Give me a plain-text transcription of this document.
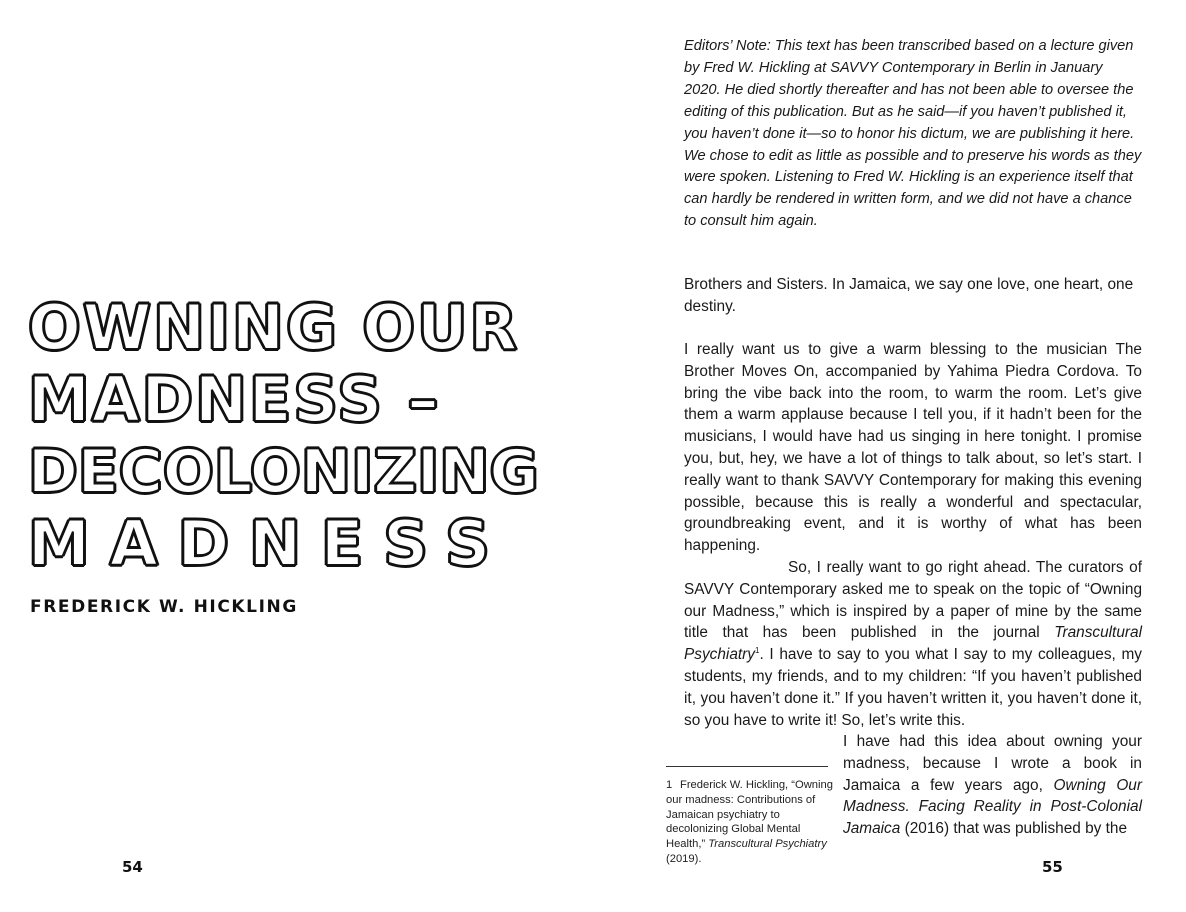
OWNING OUR
MADNESS –
DECOLONIZING
MADNESS
FREDERICK W. HICKLING
54

Editors’ Note: This text has been transcribed based on a lecture given by Fred W. Hickling at SAVVY Contemporary in Berlin in January 2020. He died shortly thereafter and has not been able to oversee the editing of this publication. But as he said—if you haven’t published it, you haven’t done it—so to honor his dictum, we are publishing it here. We chose to edit as little as possible and to preserve his words as they were spoken. Listening to Fred W. Hickling is an experience itself that can hardly be rendered in written form, and we did not have a chance to consult him again.

Brothers and Sisters. In Jamaica, we say one love, one heart, one destiny.

I really want us to give a warm blessing to the musician The Brother Moves On, accompanied by Yahima Piedra Cordova. To bring the vibe back into the room, to warm the room. Let’s give them a warm applause because I tell you, if it hadn’t been for the musicians, I would have had us singing in here tonight. I promise you, but, hey, we have a lot of things to talk about, so let’s start. I really want to thank SAVVY Contemporary for making this evening possible, because this is really a wonderful and spectacular, groundbreaking event, and it is worthy of what has been happening.
So, I really want to go right ahead. The curators of SAVVY Contemporary asked me to speak on the topic of “Owning our Madness,” which is inspired by a paper of mine by the same title that has been published in the journal Transcultural Psychiatry$^1$. I have to say to you what I say to my colleagues, my students, my friends, and to my children: “If you haven’t published it, you haven’t done it.” If you haven’t written it, you haven’t done it, so you have to write it! So, let’s write this.

I have had this idea about owning your madness, because I wrote a book in Jamaica a few years ago, Owning Our Madness. Facing Reality in Post-Colonial Jamaica (2016) that was published by the

1 Frederick W. Hickling, “Owning our madness: Contributions of Jamaican psychiatry to decolonizing Global Mental Health,” Transcultural Psychiatry (2019).	55
